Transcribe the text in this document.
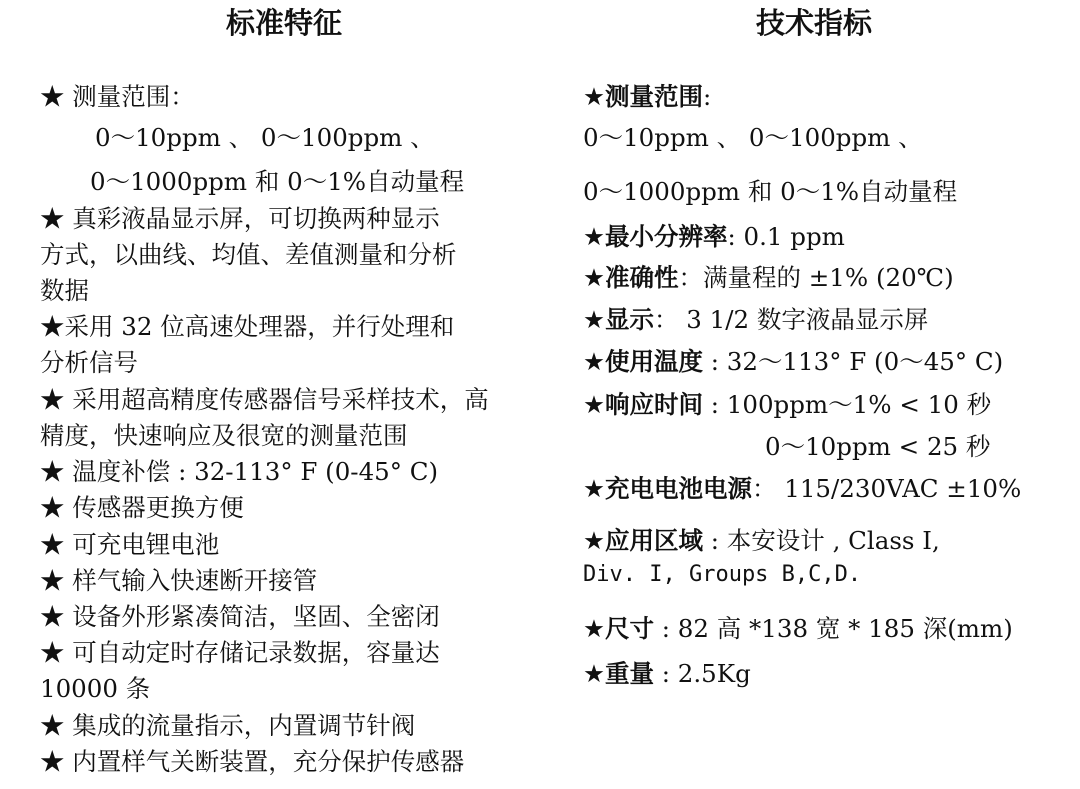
标准特征
★ 测量范围：
0～10ppm 、 0～100ppm 、
0～1000ppm 和 0～1%自动量程
★ 真彩液晶显示屏，可切换两种显示
方式，以曲线、均值、差值测量和分析
数据
★采用 32 位高速处理器，并行处理和
分析信号
★ 采用超高精度传感器信号采样技术，高
精度，快速响应及很宽的测量范围
★ 温度补偿 : 32-113° F (0-45° C)
★ 传感器更换方便
★ 可充电锂电池
★ 样气输入快速断开接管
★ 设备外形紧凑简洁，坚固、全密闭
★ 可自动定时存储记录数据，容量达
10000 条
★ 集成的流量指示，内置调节针阀
★ 内置样气关断装置，充分保护传感器
技术指标
★测量范围:
0～10ppm 、 0～100ppm 、
0～1000ppm 和 0～1%自动量程
★最小分辨率: 0.1 ppm
★准确性：满量程的 ±1% (20℃)
★显示： 3 1/2 数字液晶显示屏
★使用温度 : 32～113° F (0～45° C)
★响应时间 : 100ppm～1% < 10 秒
0～10ppm < 25 秒
★充电电池电源： 115/230VAC ±10%
★应用区域 : 本安设计 , Class I,
Div. I, Groups B,C,D.
★尺寸 : 82 高 *138 宽 * 185 深(mm)
★重量 : 2.5Kg
